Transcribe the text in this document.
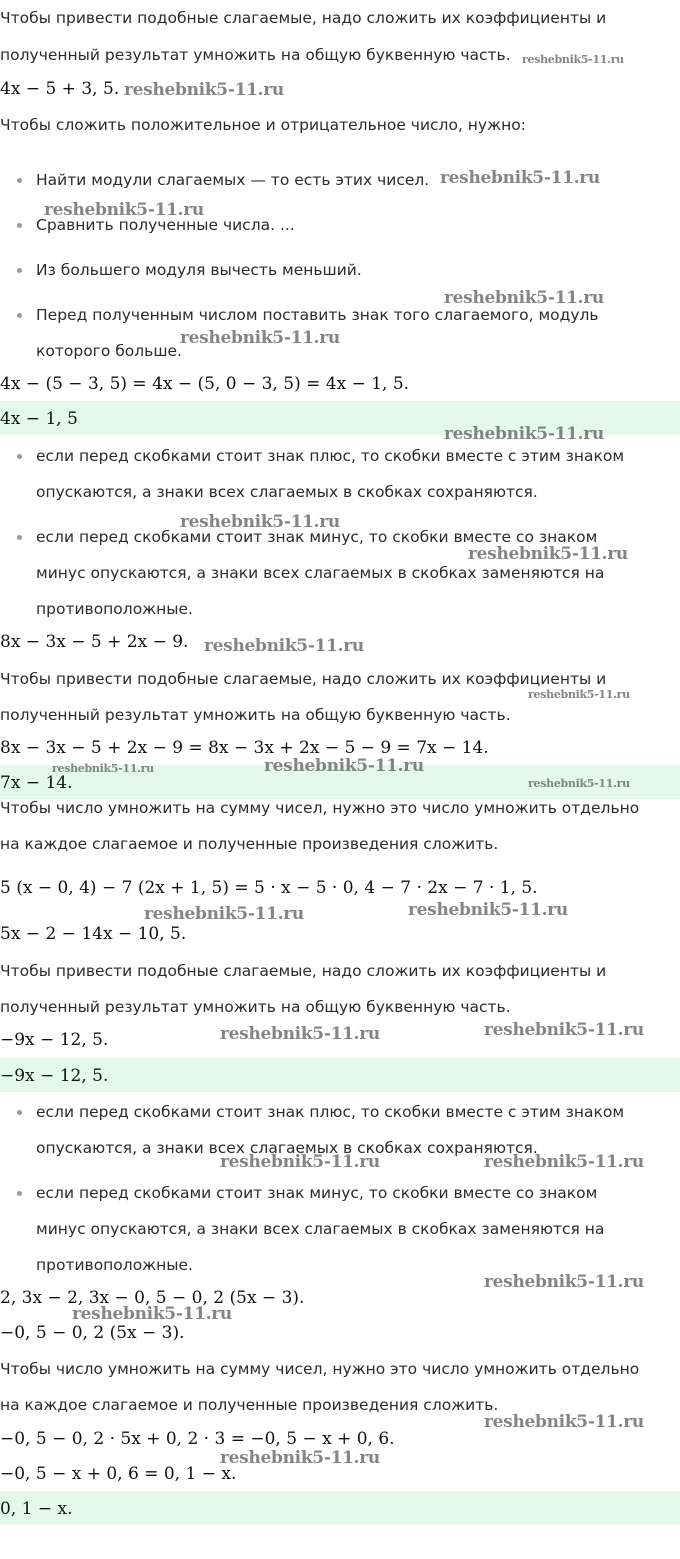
Чтобы привести подобные слагаемые, надо сложить их коэффициенты и
полученный результат умножить на общую буквенную часть.
4x − 5 + 3, 5.
Чтобы сложить положительное и отрицательное число, нужно:
Найти модули слагаемых — то есть этих чисел.
Сравнить полученные числа. ...
Из большего модуля вычесть меньший.
Перед полученным числом поставить знак того слагаемого, модуль
которого больше.
4x − (5 − 3, 5) = 4x − (5, 0 − 3, 5) = 4x − 1, 5.
4x − 1, 5
если перед скобками стоит знак плюс, то скобки вместе с этим знаком
опускаются, а знаки всех слагаемых в скобках сохраняются.
если перед скобками стоит знак минус, то скобки вместе со знаком
минус опускаются, а знаки всех слагаемых в скобках заменяются на
противоположные.
8x − 3x − 5 + 2x − 9.
Чтобы привести подобные слагаемые, надо сложить их коэффициенты и
полученный результат умножить на общую буквенную часть.
8x − 3x − 5 + 2x − 9 = 8x − 3x + 2x − 5 − 9 = 7x − 14.
7x − 14.
Чтобы число умножить на сумму чисел, нужно это число умножить отдельно
на каждое слагаемое и полученные произведения сложить.
5 (x − 0, 4) − 7 (2x + 1, 5) = 5 · x − 5 · 0, 4 − 7 · 2x − 7 · 1, 5.
5x − 2 − 14x − 10, 5.
Чтобы привести подобные слагаемые, надо сложить их коэффициенты и
полученный результат умножить на общую буквенную часть.
−9x − 12, 5.
−9x − 12, 5.
если перед скобками стоит знак плюс, то скобки вместе с этим знаком
опускаются, а знаки всех слагаемых в скобках сохраняются.
если перед скобками стоит знак минус, то скобки вместе со знаком
минус опускаются, а знаки всех слагаемых в скобках заменяются на
противоположные.
2, 3x − 2, 3x − 0, 5 − 0, 2 (5x − 3).
−0, 5 − 0, 2 (5x − 3).
Чтобы число умножить на сумму чисел, нужно это число умножить отдельно
на каждое слагаемое и полученные произведения сложить.
−0, 5 − 0, 2 · 5x + 0, 2 · 3 = −0, 5 − x + 0, 6.
−0, 5 − x + 0, 6 = 0, 1 − x.
0, 1 − x.
reshebnik5-11.ru
reshebnik5-11.ru
reshebnik5-11.ru
reshebnik5-11.ru
reshebnik5-11.ru
reshebnik5-11.ru
reshebnik5-11.ru
reshebnik5-11.ru
reshebnik5-11.ru
reshebnik5-11.ru
reshebnik5-11.ru
reshebnik5-11.ru	reshebnik5-11.ru
reshebnik5-11.ru
reshebnik5-11.ru	reshebnik5-11.ru
reshebnik5-11.ru	reshebnik5-11.ru
reshebnik5-11.ru	reshebnik5-11.ru
reshebnik5-11.ru
reshebnik5-11.ru
reshebnik5-11.ru
reshebnik5-11.ru
